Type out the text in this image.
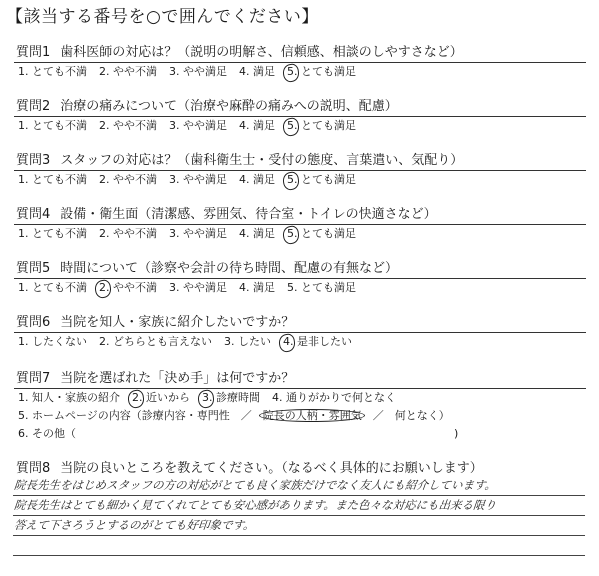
【該当する番号を○で囲んでください】
質問1 歯科医師の対応は？（説明の明解さ、信頼感、相談のしやすさなど）
1. とても不満 2. やや不満 3. やや満足 4. 満足 5. とても満足
質問2 治療の痛みについて（治療や麻酔の痛みへの説明、配慮）
1. とても不満 2. やや不満 3. やや満足 4. 満足 5. とても満足
質問3 スタッフの対応は？（歯科衛生士・受付の態度、言葉遣い、気配り）
1. とても不満 2. やや不満 3. やや満足 4. 満足 5. とても満足
質問4 設備・衛生面（清潔感、雰囲気、待合室・トイレの快適さなど）
1. とても不満 2. やや不満 3. やや満足 4. 満足 5. とても満足
質問5 時間について（診察や会計の待ち時間、配慮の有無など）
1. とても不満 2. やや不満 3. やや満足 4. 満足 5. とても満足
質問6 当院を知人・家族に紹介したいですか？
1. したくない 2. どちらとも言えない 3. したい 4. 是非したい
質問7 当院を選ばれた「決め手」は何ですか？
1. 知人・家族の紹介 2. 近いから 3. 診療時間 4. 通りがかりで何となく
5. ホームページの内容（診療内容・専門性　／　院長の人柄・雰囲気　／　何となく）
6. その他（	)
質問8 当院の良いところを教えてください。（なるべく具体的にお願いします）
院長先生をはじめスタッフの方の対応がとても良く家族だけでなく友人にも紹介しています。
院長先生はとても細かく見てくれてとても安心感があります。また色々な対応にも出来る限り
答えて下さろうとするのがとても好印象です。
